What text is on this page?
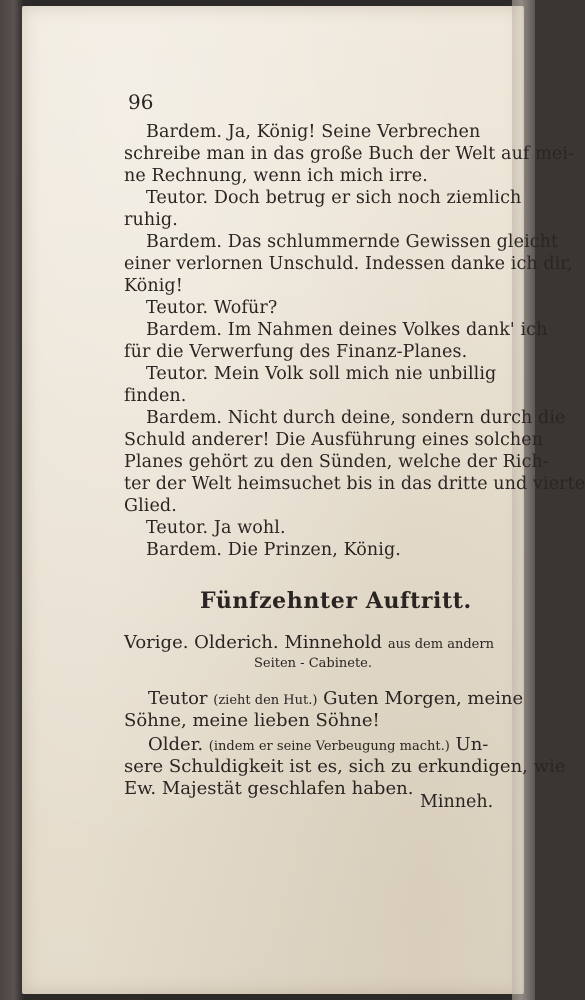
96
Bardem. Ja, König! Seine Verbrechen
schreibe man in das große Buch der Welt auf mei-
ne Rechnung, wenn ich mich irre.
Teutor. Doch betrug er sich noch ziemlich
ruhig.
Bardem. Das schlummernde Gewissen gleicht
einer verlornen Unschuld. Indessen danke ich dir,
König!
Teutor. Wofür?
Bardem. Im Nahmen deines Volkes dank' ich
für die Verwerfung des Finanz-Planes.
Teutor. Mein Volk soll mich nie unbillig
finden.
Bardem. Nicht durch deine, sondern durch die
Schuld anderer! Die Ausführung eines solchen
Planes gehört zu den Sünden, welche der Rich-
ter der Welt heimsuchet bis in das dritte und vierte
Glied.
Teutor. Ja wohl.
Bardem. Die Prinzen, König.
Fünfzehnter Auftritt.
Vorige. Olderich. Minnehold aus dem andern
Seiten - Cabinete.
Teutor (zieht den Hut.) Guten Morgen, meine
Söhne, meine lieben Söhne!
Older. (indem er seine Verbeugung macht.) Un-
sere Schuldigkeit ist es, sich zu erkundigen, wie
Ew. Majestät geschlafen haben.
Minneh.
